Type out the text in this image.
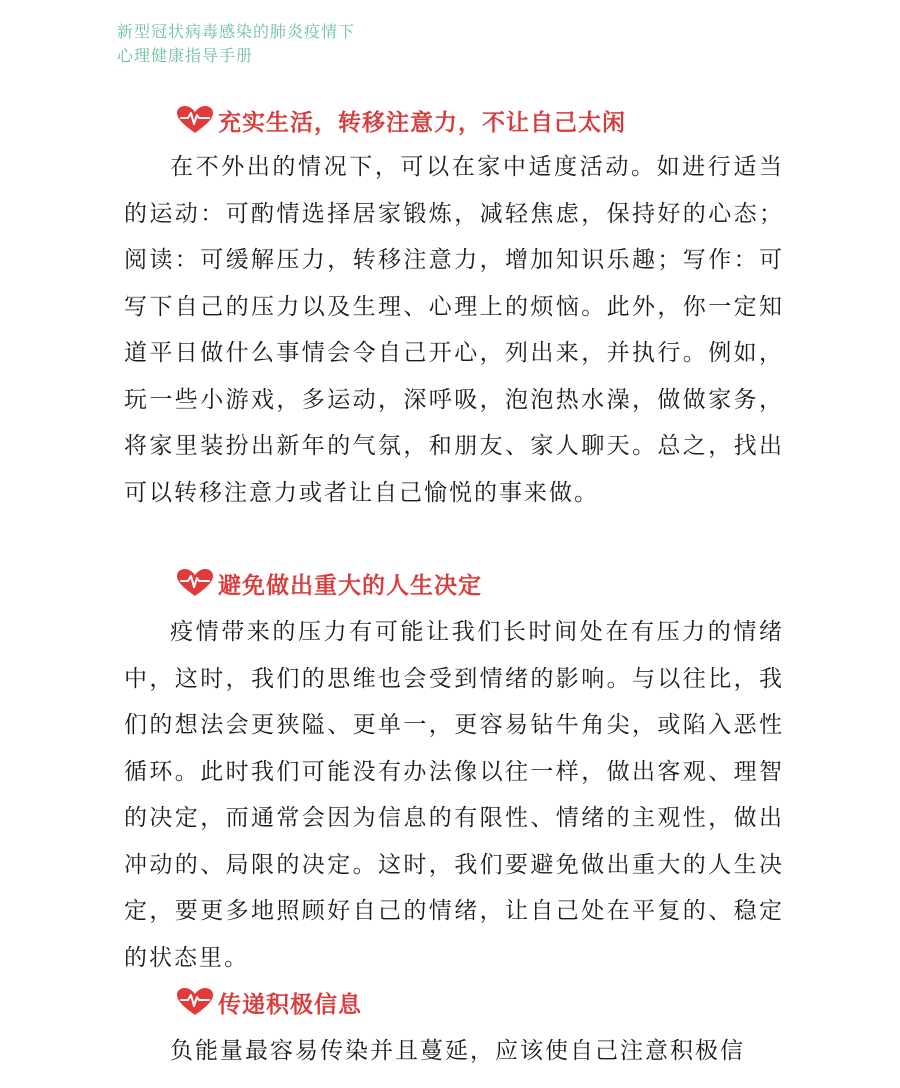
新型冠状病毒感染的肺炎疫情下
心理健康指导手册
充实生活，转移注意力，不让自己太闲

在不外出的情况下，可以在家中适度活动。如进行适当的运动：可酌情选择居家锻炼，减轻焦虑，保持好的心态；阅读：可缓解压力，转移注意力，增加知识乐趣；写作：可写下自己的压力以及生理、心理上的烦恼。此外，你一定知道平日做什么事情会令自己开心，列出来，并执行。例如，玩一些小游戏，多运动，深呼吸，泡泡热水澡，做做家务，将家里装扮出新年的气氛，和朋友、家人聊天。总之，找出可以转移注意力或者让自己愉悦的事来做。

避免做出重大的人生决定

疫情带来的压力有可能让我们长时间处在有压力的情绪中，这时，我们的思维也会受到情绪的影响。与以往比，我们的想法会更狭隘、更单一，更容易钻牛角尖，或陷入恶性循环。此时我们可能没有办法像以往一样，做出客观、理智的决定，而通常会因为信息的有限性、情绪的主观性，做出冲动的、局限的决定。这时，我们要避免做出重大的人生决定，要更多地照顾好自己的情绪，让自己处在平复的、稳定的状态里。

传递积极信息

负能量最容易传染并且蔓延，应该使自己注意积极信
